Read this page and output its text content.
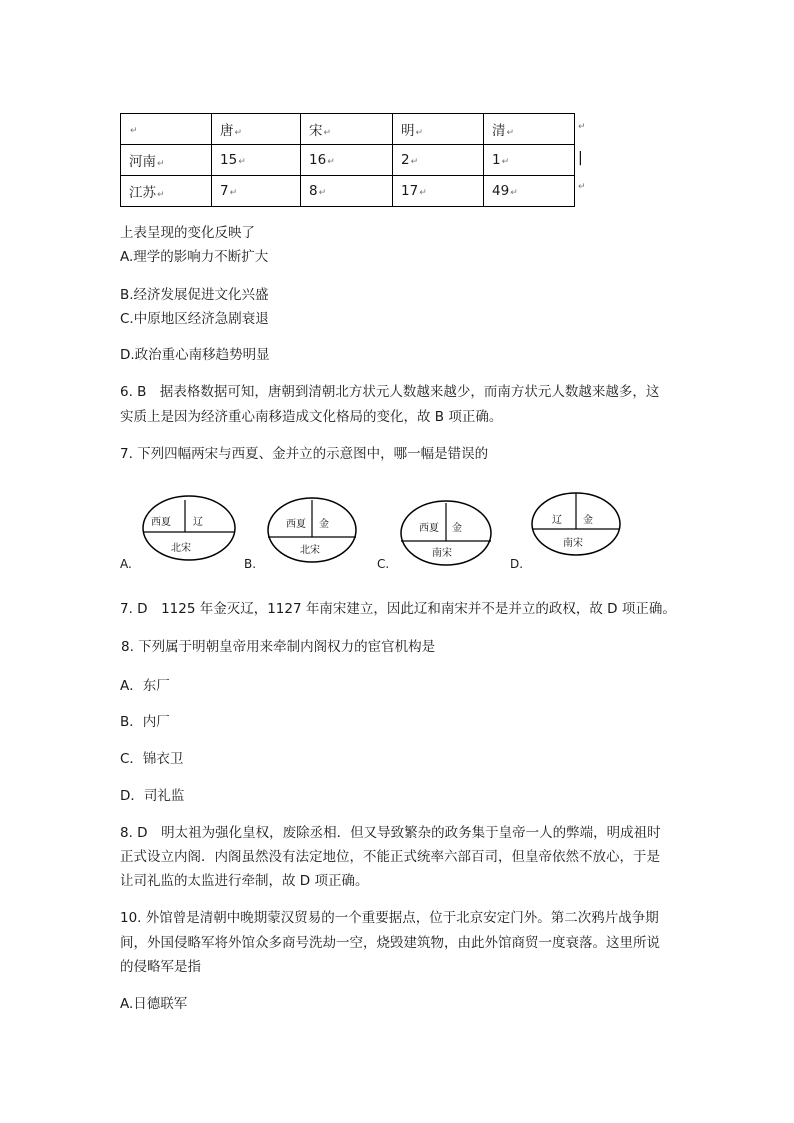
↵	唐↵	宋↵	明↵	清↵
河南↵	15↵	16↵	2↵	1↵
江苏↵	7↵	8↵	17↵	49↵
↵
|
↵
上表呈现的变化反映了
A.理学的影响力不断扩大
B.经济发展促进文化兴盛
C.中原地区经济急剧衰退
D.政治重心南移趋势明显
6. B　据表格数据可知，唐朝到清朝北方状元人数越来越少，而南方状元人数越来越多，这
实质上是因为经济重心南移造成文化格局的变化，故 B 项正确。
7. 下列四幅两宋与西夏、金并立的示意图中，哪一幅是错误的
西夏 辽
北宋
西夏 金
北宋
西夏 金
南宋
辽 金
南宋
A.	B.	C.	D.
7. D　1125 年金灭辽，1127 年南宋建立，因此辽和南宋并不是并立的政权，故 D 项正确。
8. 下列属于明朝皇帝用来牵制内阁权力的宦官机构是
A．东厂
B．内厂
C．锦衣卫
D．司礼监
8. D　明太祖为强化皇权，废除丞相．但又导致繁杂的政务集于皇帝一人的弊端，明成祖时
正式设立内阁．内阁虽然没有法定地位，不能正式统率六部百司，但皇帝依然不放心，于是
让司礼监的太监进行牵制，故 D 项正确。
10. 外馆曾是清朝中晚期蒙汉贸易的一个重要据点，位于北京安定门外。第二次鸦片战争期
间，外国侵略军将外馆众多商号洗劫一空，烧毁建筑物，由此外馆商贸一度衰落。这里所说
的侵略军是指
A.日德联军
